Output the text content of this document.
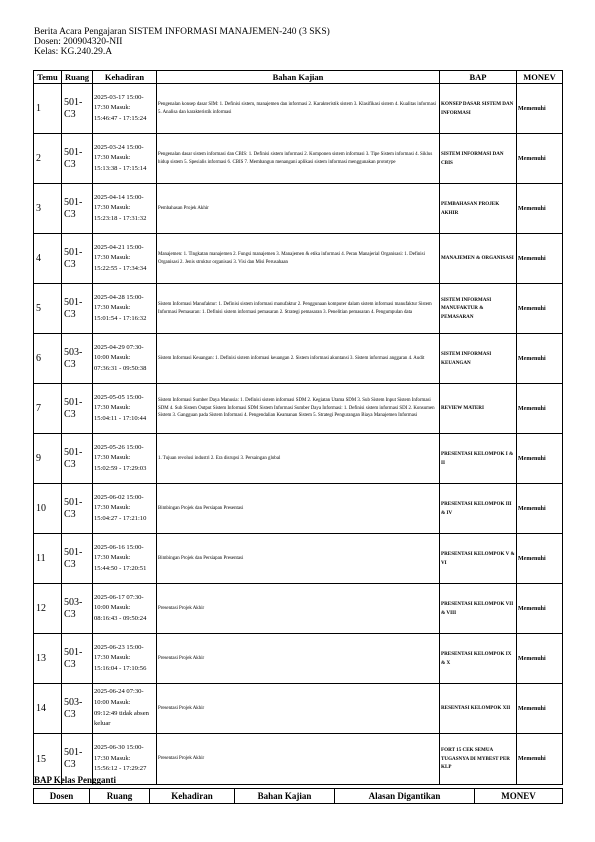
Berita Acara Pengajaran SISTEM INFORMASI MANAJEMEN-240 (3 SKS)
Dosen: 200904320-NII
Kelas: KG.240.29.A
Temu	Ruang	Kehadiran	Bahan Kajian	BAP	MONEV
1	501-C3	2025-03-17 15:00-17:30 Masuk: 15:46:47 - 17:15:24	Pengenalan konsep dasar SIM: 1. Definisi sistem, manajemen dan informasi 2. Karakteristik sistem 3. Klasifikasi sistem 4. Kualitas informasi 5. Analisa dan karakteristik informasi	KONSEP DASAR SISTEM DAN INFORMASI	Memenuhi
2	501-C3	2025-03-24 15:00-17:30 Masuk: 15:13:38 - 17:15:14	Pengenalan dasar sistem informasi dan CBIS: 1. Definisi sistem informasi 2. Komponen sistem informasi 3. Tipe Sistem informasi 4. Siklus hidup sistem 5. Spesialis informasi 6. CBIS 7. Membangun menangani aplikasi sistem informasi menggunakan prototype	SISTEM INFORMASI DAN CBIS	Memenuhi
3	501-C3	2025-04-14 15:00-17:30 Masuk: 15:23:18 - 17:31:32	Pembahasan Projek Akhir	PEMBAHASAN PROJEK AKHIR	Memenuhi
4	501-C3	2025-04-21 15:00-17:30 Masuk: 15:22:55 - 17:34:34	Manajemen: 1. Tingkatan manajemen 2. Fungsi manajemen 3. Manajemen & etika informasi 4. Peran Manajerial Organisasi: 1. Definisi Organisasi 2. Jenis struktur organisasi 3. Visi dan Misi Perusahaan	MANAJEMEN & ORGANISASI	Memenuhi
5	501-C3	2025-04-28 15:00-17:30 Masuk: 15:01:54 - 17:16:32	Sistem Informasi Manufaktur: 1. Definisi sistem informasi manufaktur 2. Penggunaan komputer dalam sistem informasi manufaktur Sistem Informasi Pemasaran: 1. Definisi sistem informasi pemasaran 2. Strategi pemasaran 3. Penelitian pemasaran 4. Pengumpulan data	SISTEM INFORMASI MANUFAKTUR & PEMASARAN	Memenuhi
6	503-C3	2025-04-29 07:30-10:00 Masuk: 07:36:31 - 09:50:38	Sistem Informasi Keuangan: 1. Definisi sistem informasi keuangan 2. Sistem informasi akuntansi 3. Sistem informasi anggaran 4. Audit	SISTEM INFORMASI KEUANGAN	Memenuhi
7	501-C3	2025-05-05 15:00-17:30 Masuk: 15:04:11 - 17:10:44	Sistem Informasi Sumber Daya Manusia: 1. Definisi sistem informasi SDM 2. Kegiatan Utama SDM 3. Sub Sistem Input Sistem Informasi SDM 4. Sub Sistem Output Sistem Informasi SDM Sistem Informasi Sumber Daya Informasi: 1. Definisi sistem informasi SDI 2. Konsumen Sistem 3. Gangguan pada Sistem Informasi 4. Pengendalian Keamanan Sistem 5. Strategi Pengurangan Biaya Manajemen Informasi	REVIEW MATERI	Memenuhi
9	501-C3	2025-05-26 15:00-17:30 Masuk: 15:02:59 - 17:29:03	1. Tujuan revolusi industri 2. Era disrupsi 3. Persaingan global	PRESENTASI KELOMPOK I & II	Memenuhi
10	501-C3	2025-06-02 15:00-17:30 Masuk: 15:04:27 - 17:21:10	Bimbingan Projek dan Persiapan Presentasi	PRESENTASI KELOMPOK III & IV	Memenuhi
11	501-C3	2025-06-16 15:00-17:30 Masuk: 15:44:50 - 17:20:51	Bimbingan Projek dan Persiapan Presentasi	PRESENTASI KELOMPOK V & VI	Memenuhi
12	503-C3	2025-06-17 07:30-10:00 Masuk: 08:16:43 - 09:50:24	Presentasi Projek Akhir	PRESENTASI KELOMPOK VII & VIII	Memenuhi
13	501-C3	2025-06-23 15:00-17:30 Masuk: 15:16:04 - 17:10:56	Presentasi Projek Akhir	PRESENTASI KELOMPOK IX & X	Memenuhi
14	503-C3	2025-06-24 07:30-10:00 Masuk: 09:12:49 tidak absen keluar	Presentasi Projek Akhir	RESENTASI KELOMPOK XII	Memenuhi
15	501-C3	2025-06-30 15:00-17:30 Masuk: 15:56:12 - 17:29:27	Presentasi Projek Akhir	FORT 15 CEK SEMUA TUGASNYA DI MYBEST PER KLP	Memenuhi
BAP Kelas Pengganti
Dosen	Ruang	Kehadiran	Bahan Kajian	Alasan Digantikan	MONEV
